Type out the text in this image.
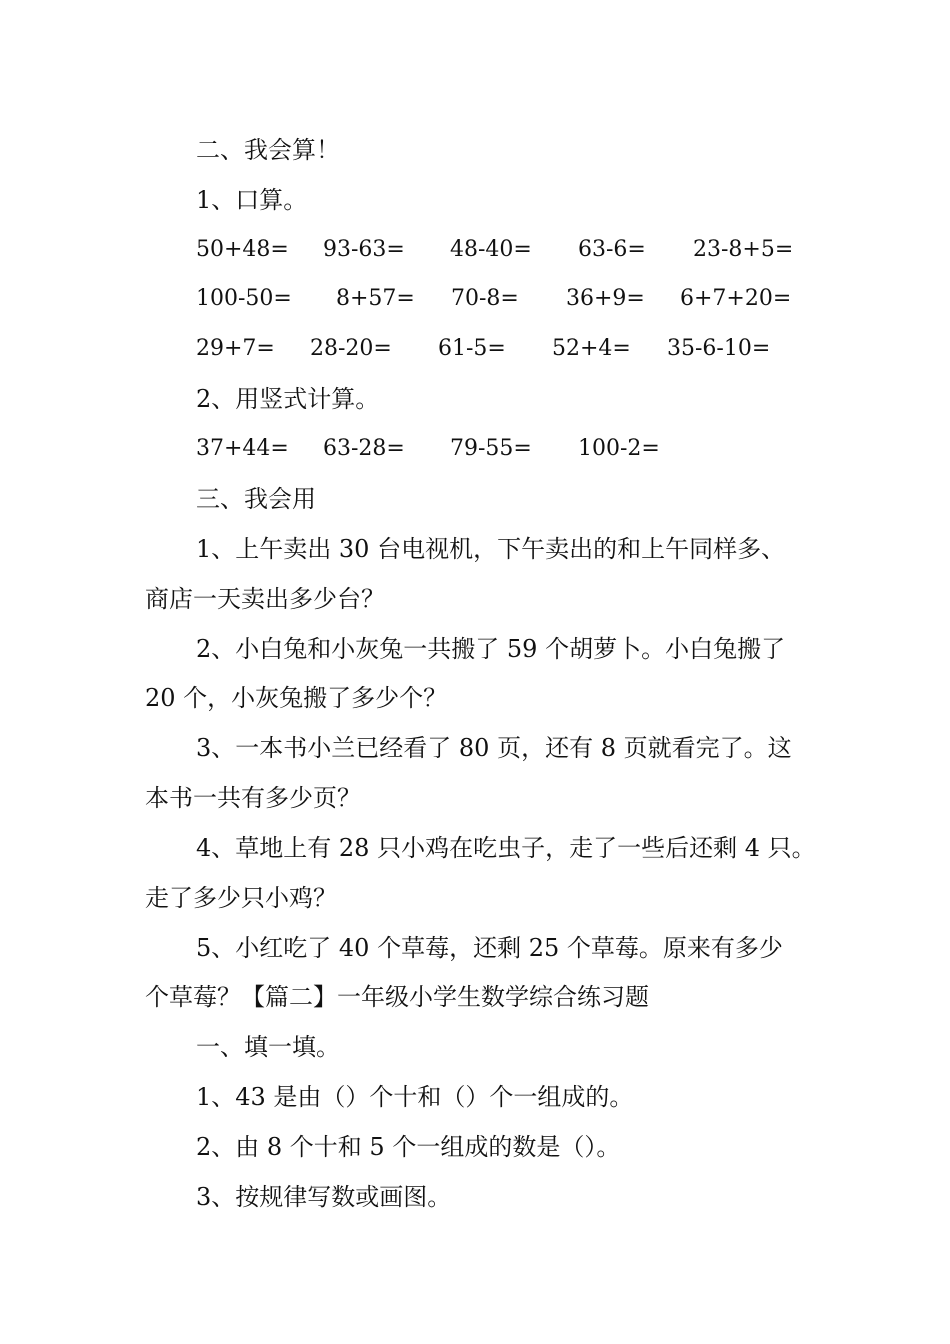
二、我会算！
1、口算。
50+48= 93-63= 48-40= 63-6= 23-8+5=
100-50= 8+57= 70-8= 36+9= 6+7+20=
29+7= 28-20= 61-5= 52+4= 35-6-10=
2、用竖式计算。
37+44= 63-28= 79-55= 100-2=
三、我会用
1、上午卖出 30 台电视机，下午卖出的和上午同样多、
商店一天卖出多少台？
2、小白兔和小灰兔一共搬了 59 个胡萝卜。小白兔搬了
20 个，小灰兔搬了多少个？
3、一本书小兰已经看了 80 页，还有 8 页就看完了。这
本书一共有多少页？
4、草地上有 28 只小鸡在吃虫子，走了一些后还剩 4 只。
走了多少只小鸡？
5、小红吃了 40 个草莓，还剩 25 个草莓。原来有多少
个草莓？【篇二】一年级小学生数学综合练习题
一、填一填。
1、43 是由（）个十和（）个一组成的。
2、由 8 个十和 5 个一组成的数是（）。
3、按规律写数或画图。
